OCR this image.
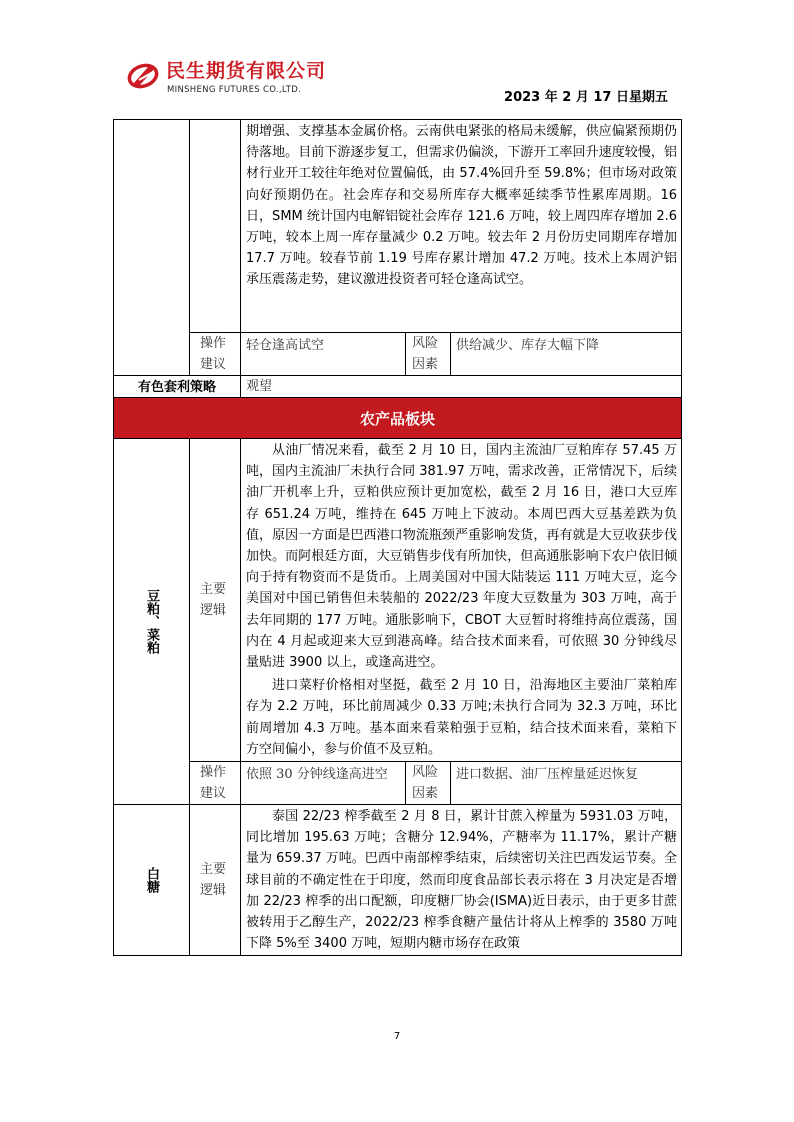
民生期货有限公司
MINSHENG FUTURES CO.,LTD.	2023 年 2 月 17 日星期五

		期增强、支撑基本金属价格。云南供电紧张的格局未缓解，供应偏紧预期仍待落地。目前下游逐步复工，但需求仍偏淡，下游开工率回升速度较慢，铝材行业开工较往年绝对位置偏低，由 57.4%回升至 59.8%；但市场对政策向好预期仍在。社会库存和交易所库存大概率延续季节性累库周期。16 日，SMM 统计国内电解铝锭社会库存 121.6 万吨，较上周四库存增加 2.6 万吨，较本上周一库存量减少 0.2 万吨。较去年 2 月份历史同期库存增加 17.7 万吨。较春节前 1.19 号库存累计增加 47.2 万吨。技术上本周沪铝承压震荡走势，建议激进投资者可轻仓逢高试空。		

	操作建议	轻仓逢高试空	风险因素	供给减少、库存大幅下降

有色套利策略		观望		

农产品板块				
豆粕、菜粕	主要逻辑	从油厂情况来看，截至 2 月 10 日，国内主流油厂豆粕库存 57.45 万吨，国内主流油厂未执行合同 381.97 万吨，需求改善，正常情况下，后续油厂开机率上升，豆粕供应预计更加宽松，截至 2 月 16 日，港口大豆库存 651.24 万吨，维持在 645 万吨上下波动。本周巴西大豆基差跌为负值，原因一方面是巴西港口物流瓶颈严重影响发货，再有就是大豆收获步伐加快。而阿根廷方面，大豆销售步伐有所加快，但高通胀影响下农户依旧倾向于持有物资而不是货币。上周美国对中国大陆装运 111 万吨大豆，迄今美国对中国已销售但未装船的 2022/23 年度大豆数量为 303 万吨，高于去年同期的 177 万吨。通胀影响下，CBOT 大豆暂时将维持高位震荡，国内在 4 月起或迎来大豆到港高峰。结合技术面来看，可依照 30 分钟线尽量贴进 3900 以上，或逢高进空。
进口菜籽价格相对坚挺，截至 2 月 10 日，沿海地区主要油厂菜粕库存为 2.2 万吨，环比前周减少 0.33 万吨;未执行合同为 32.3 万吨，环比前周增加 4.3 万吨。基本面来看菜粕强于豆粕，结合技术面来看，菜粕下方空间偏小，参与价值不及豆粕。		

	操作建议	依照 30 分钟线逢高进空	风险因素	进口数据、油厂压榨量延迟恢复

白糖	主要逻辑	泰国 22/23 榨季截至 2 月 8 日，累计甘蔗入榨量为 5931.03 万吨，同比增加 195.63 万吨；含糖分 12.94%，产糖率为 11.17%，累计产糖量为 659.37 万吨。巴西中南部榨季结束，后续密切关注巴西发运节奏。全球目前的不确定性在于印度，然而印度食品部长表示将在 3 月决定是否增加 22/23 榨季的出口配额，印度糖厂协会(ISMA)近日表示，由于更多甘蔗被转用于乙醇生产，2022/23 榨季食糖产量估计将从上榨季的 3580 万吨下降 5%至 3400 万吨，短期内糖市场存在政策		
7
